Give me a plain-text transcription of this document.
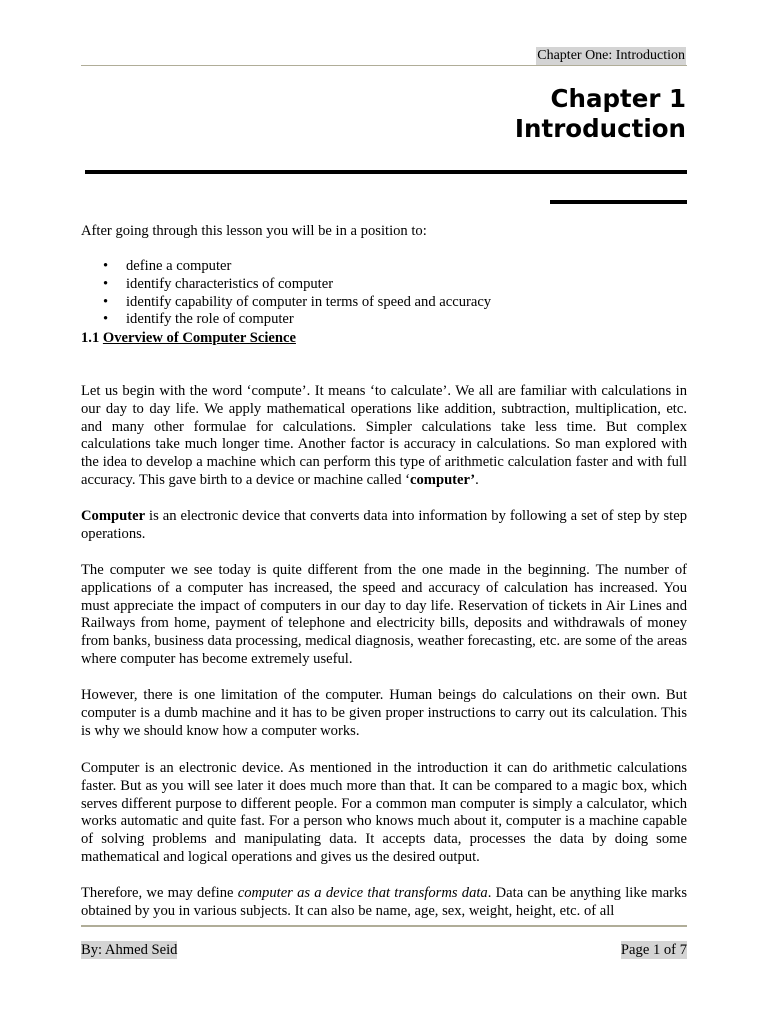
Chapter One: Introduction
Chapter 1
Introduction

After going through this lesson you will be in a position to:

• define a computer
• identify characteristics of computer
• identify capability of computer in terms of speed and accuracy
• identify the role of computer
1.1 Overview of Computer Science

Let us begin with the word ‘compute’. It means ‘to calculate’. We all are familiar with calculations in our day to day life. We apply mathematical operations like addition, subtraction, multiplication, etc. and many other formulae for calculations. Simpler calculations take less time. But complex calculations take much longer time. Another factor is accuracy in calculations. So man explored with the idea to develop a machine which can perform this type of arithmetic calculation faster and with full accuracy. This gave birth to a device or machine called ‘computer’.

Computer is an electronic device that converts data into information by following a set of step by step operations.

The computer we see today is quite different from the one made in the beginning. The number of applications of a computer has increased, the speed and accuracy of calculation has increased. You must appreciate the impact of computers in our day to day life. Reservation of tickets in Air Lines and Railways from home, payment of telephone and electricity bills, deposits and withdrawals of money from banks, business data processing, medical diagnosis, weather forecasting, etc. are some of the areas where computer has become extremely useful.

However, there is one limitation of the computer. Human beings do calculations on their own. But computer is a dumb machine and it has to be given proper instructions to carry out its calculation. This is why we should know how a computer works.

Computer is an electronic device. As mentioned in the introduction it can do arithmetic calculations faster. But as you will see later it does much more than that. It can be compared to a magic box, which serves different purpose to different people. For a common man computer is simply a calculator, which works automatic and quite fast. For a person who knows much about it, computer is a machine capable of solving problems and manipulating data. It accepts data, processes the data by doing some mathematical and logical operations and gives us the desired output.

Therefore, we may define computer as a device that transforms data. Data can be anything like marks obtained by you in various subjects. It can also be name, age, sex, weight, height, etc. of all

By: Ahmed Seid	Page 1 of 7
